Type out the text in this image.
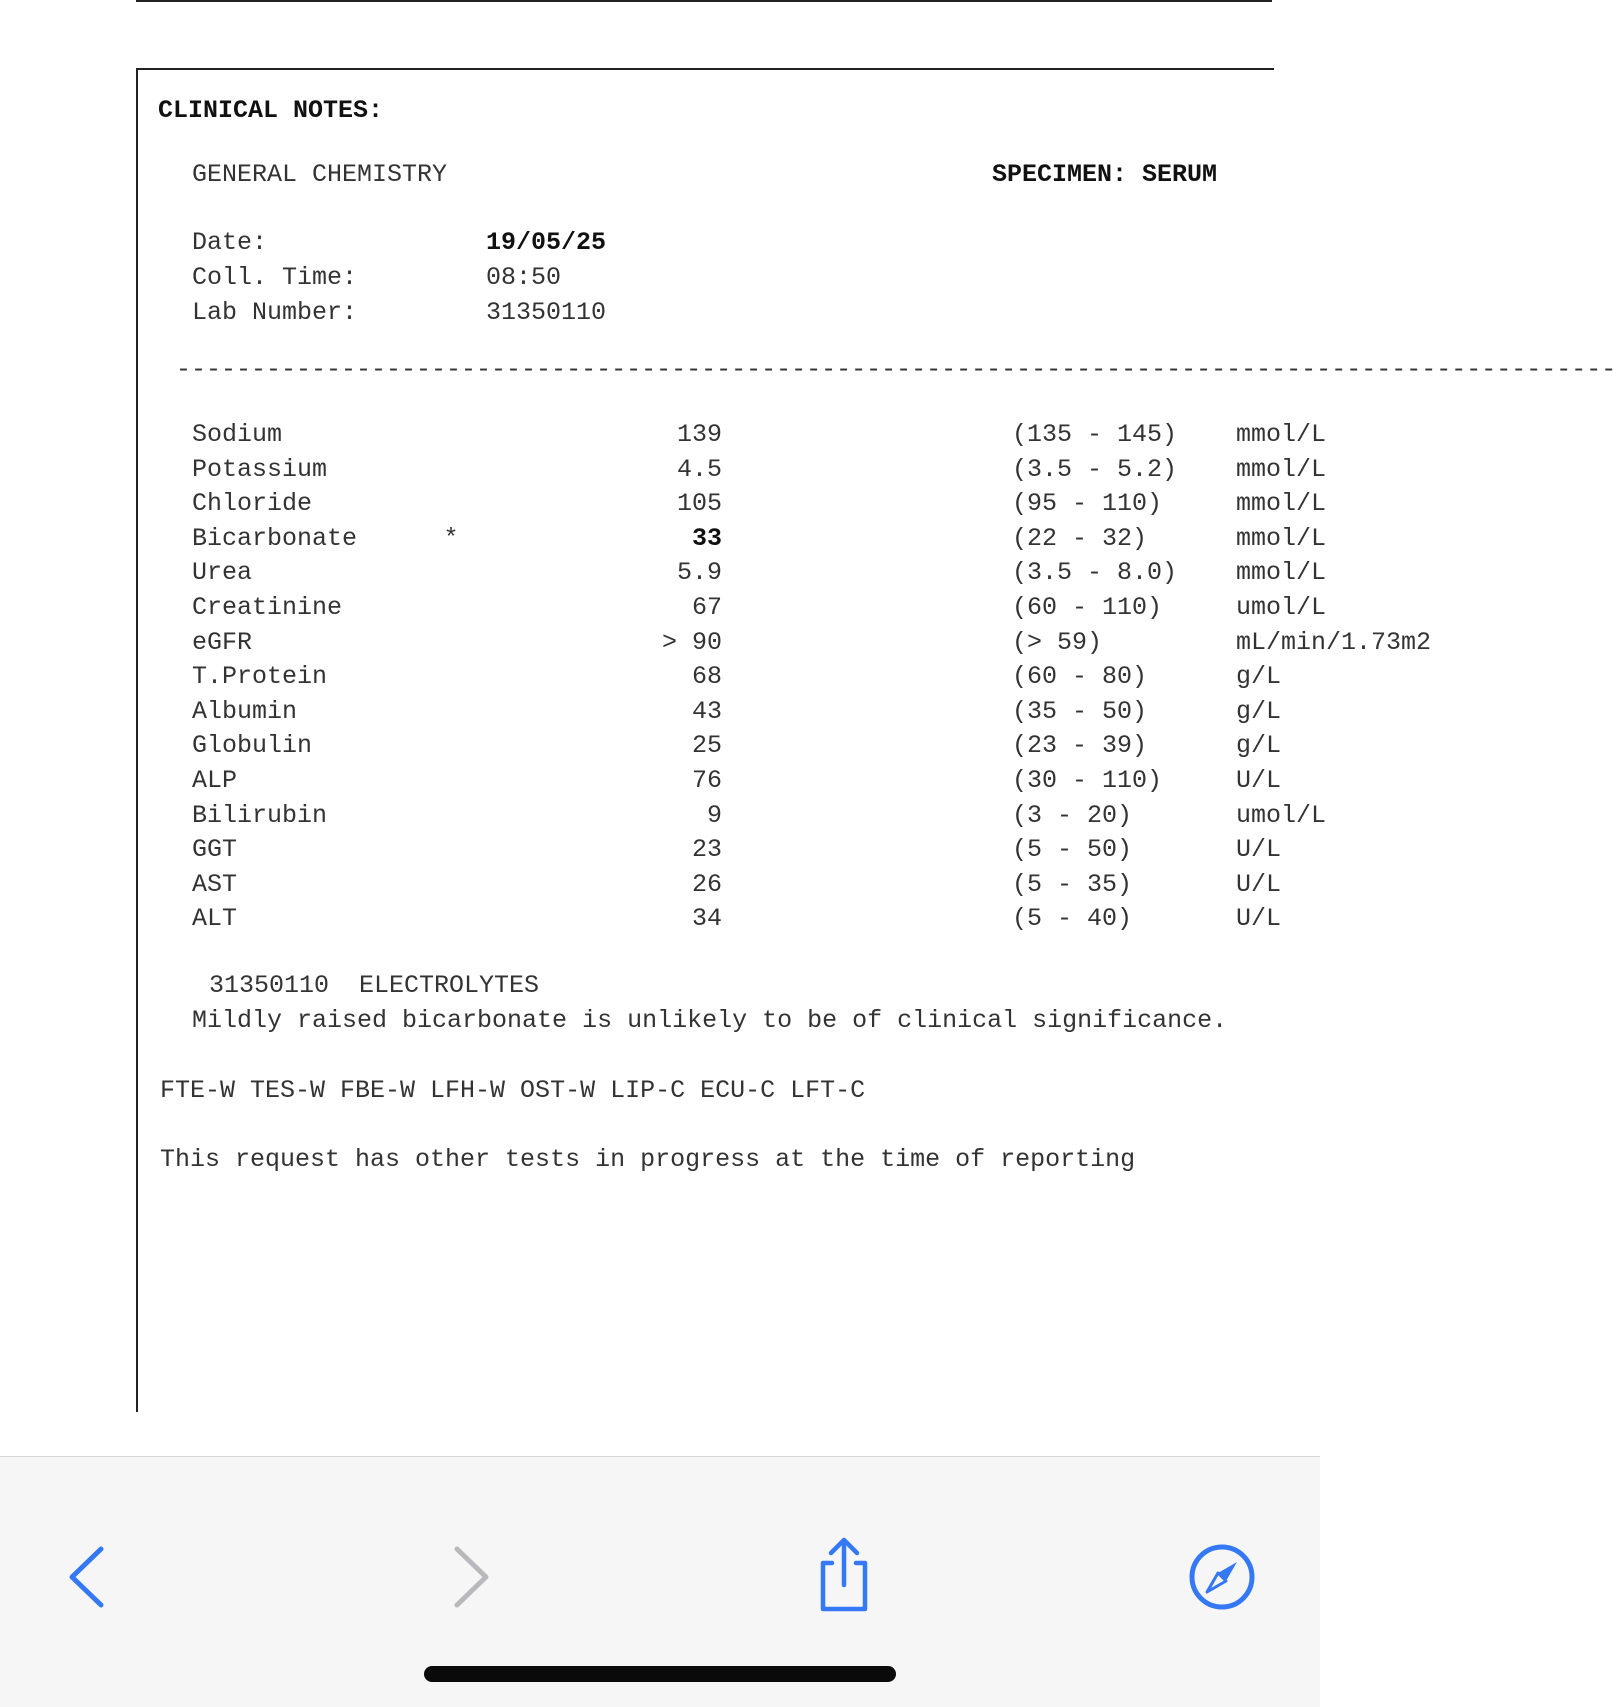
CLINICAL NOTES:
GENERAL CHEMISTRY	SPECIMEN: SERUM
Date:	19/05/25
Coll. Time:	08:50
Lab Number:	31350110
------------------------------------------------------------------------------------------------
Sodium	139	(135 - 145) mmol/L
Potassium	4.5	(3.5 - 5.2) mmol/L
Chloride	105	(95 - 110)	mmol/L
Bicarbonate	*	33	(22 - 32)	mmol/L
Urea	5.9	(3.5 - 8.0) mmol/L
Creatinine	67	(60 - 110)	umol/L
eGFR	> 90	(> 59)	mL/min/1.73m2
T.Protein	68	(60 - 80)	g/L
Albumin	43	(35 - 50)	g/L
Globulin	25	(23 - 39)	g/L
ALP	76	(30 - 110)	U/L
Bilirubin	9	(3 - 20)	umol/L
GGT	23	(5 - 50)	U/L
AST	26	(5 - 35)	U/L
ALT	34	(5 - 40)	U/L
31350110  ELECTROLYTES
Mildly raised bicarbonate is unlikely to be of clinical significance.
FTE-W TES-W FBE-W LFH-W OST-W LIP-C ECU-C LFT-C
This request has other tests in progress at the time of reporting
